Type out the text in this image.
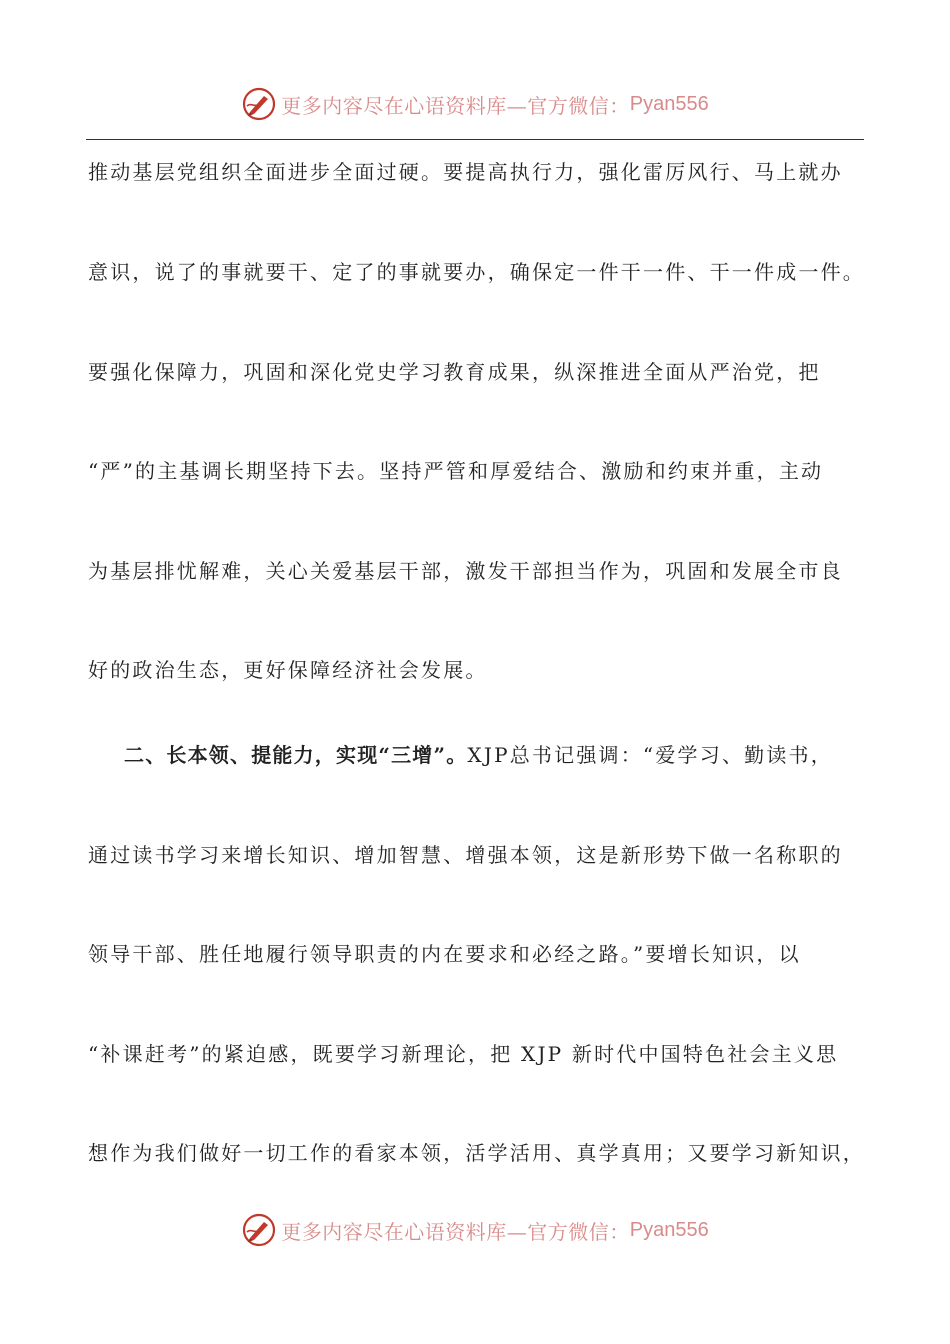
更多内容尽在心语资料库—官方微信： Pyan556
推动基层党组织全面进步全面过硬。要提高执行力，强化雷厉风行、马上就办
意识，说了的事就要干、定了的事就要办，确保定一件干一件、干一件成一件。
要强化保障力，巩固和深化党史学习教育成果，纵深推进全面从严治党，把
“严”的主基调长期坚持下去。坚持严管和厚爱结合、激励和约束并重，主动
为基层排忧解难，关心关爱基层干部，激发干部担当作为，巩固和发展全市良
好的政治生态，更好保障经济社会发展。
二、长本领、提能力，实现“三增”。XJP总书记强调：“爱学习、勤读书，
通过读书学习来增长知识、增加智慧、增强本领，这是新形势下做一名称职的
领导干部、胜任地履行领导职责的内在要求和必经之路。”要增长知识，以
“补课赶考”的紧迫感，既要学习新理论，把 XJP 新时代中国特色社会主义思
想作为我们做好一切工作的看家本领，活学活用、真学真用；又要学习新知识，
更多内容尽在心语资料库—官方微信： Pyan556
